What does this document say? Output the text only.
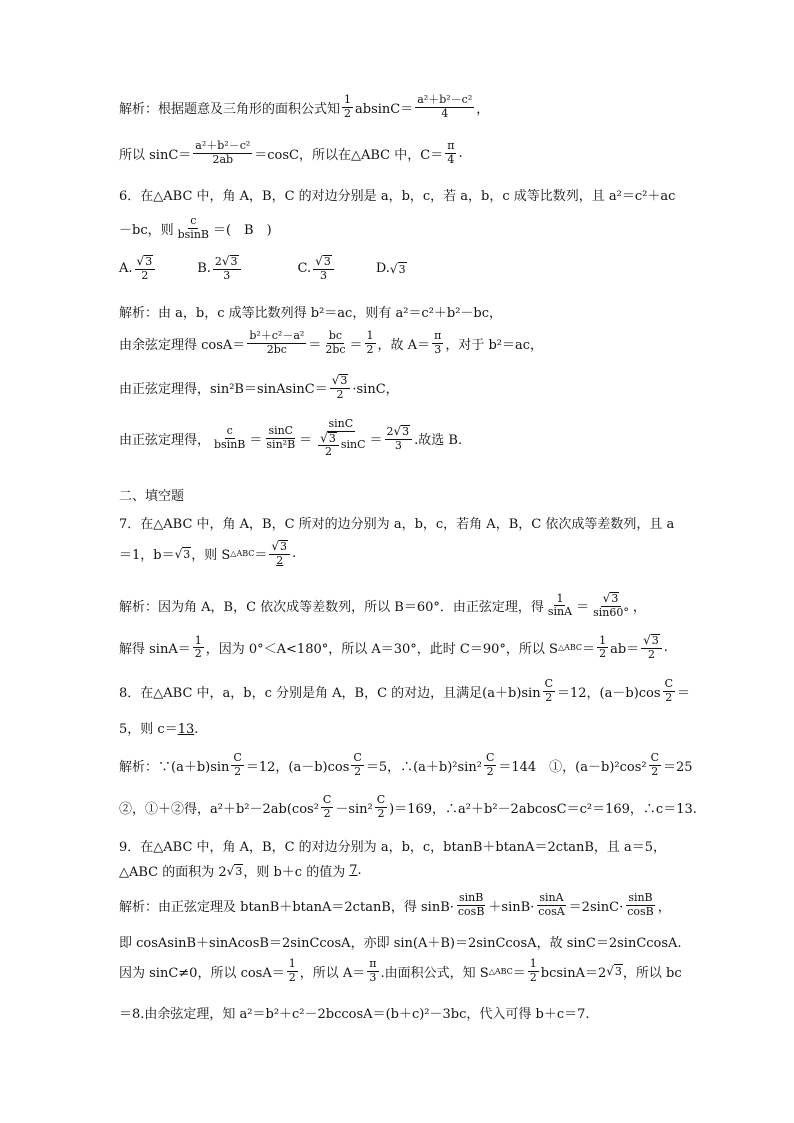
解析：根据题意及三角形的面积公式知 $\frac{1}{2} absinC= \frac{\text{a²＋b²－c²}}{4}$ ，
所以 $\sin C= \frac{\text{a²＋b²－c²}}{2ab} =\cos C$，所以在△ABC 中，$C= \frac{\pi}{4}$ .
6．在△ABC 中，角 A，B，C 的对边分别是 a，b，c，若 a，b，c 成等比数列，且 a²＝c²＋ac
－bc，则 $\frac{c}{bsinB}$ ＝(　B　)
A. $\frac{√ 3}{2}$	B. $\frac{2 √ 3}{3}$	C. $\frac{√ 3}{3}$	D. √ 3
解析：由 a，b，c 成等比数列得 b²＝ac，则有 a²＝c²＋b²－bc，
由余弦定理得 $\cos A= \frac{\text{b²＋c²－a²}}{2bc} = \frac{bc}{2bc} = \frac{1}{2}$ ，故 $A= \frac{\pi}{3}$ ，对于 b²＝ac，
由正弦定理得，sin²B＝sinAsinC＝ $\frac{√ 3}{2} \cdot\sin C$，
由正弦定理得， $\frac{c}{bsinB} = \frac{\sin C}{\text{sin²B}} = \frac{\sin C}{\frac{√ 3}{2} \sin C} = \frac{2 √ 3}{3}$ .故选 B.
二、填空题
7．在△ABC 中，角 A，B，C 所对的边分别为 a，b，c，若角 A，B，C 依次成等差数列，且 a
＝1，b＝ √ 3 ，则 S △ABC ＝ $\frac{√ 3}{2}$ .
解析：因为角 A，B，C 依次成等差数列，所以 B＝60°．由正弦定理，得 $\frac{1}{\sin A} = \frac{√ 3}{\sin 60^\circ}$ ，
解得 $\sin A= \frac{1}{2}$ ，因为 0°＜A<180°，所以 A＝30°，此时 C＝90°，所以 S △ABC ＝ $\frac{1}{2} ab= \frac{√ 3}{2}$ .
8．在△ABC 中，a，b，c 分别是角 A，B，C 的对边，且满足$(a+b)\sin \frac{C}{2} =12$，$(a-b)\cos \frac{C}{2}$ ＝
5，则 c＝13.
解析：∵(a＋b)sin $\frac{C}{2} =12$，$(a-b)\cos \frac{C}{2} =5$，∴(a＋b)²sin² $\frac{C}{2} =144$　①，$(a-b)^2\cos^2 \frac{C}{2} =25$
②，①＋②得，$a^2+b^2-2ab(\cos^2 \frac{C}{2} -\sin^2 \frac{C}{2} )=169$，∴a²＋b²－2abcosC＝c²＝169，∴c＝13.
9．在△ABC 中，角 A，B，C 的对边分别为 a，b，c，btanB＋btanA＝2ctanB，且 a＝5，
△ABC 的面积为 2 √ 3 ，则 b＋c 的值为 7 .
解析：由正弦定理及 btanB＋btanA＝2ctanB，得 $\sin B\cdot \frac{\sin B}{\cos B} +\sin B\cdot \frac{\sin A}{\cos A} =2\sin C\cdot \frac{\sin B}{\cos B}$ ，
即 cosAsinB＋sinAcosB＝2sinCcosA，亦即 sin(A＋B)＝2sinCcosA，故 sinC＝2sinCcosA.
因为 sinC≠0，所以 $\cos A= \frac{1}{2}$ ，所以 $A= \frac{\pi}{3}$ .由面积公式，知 S △ABC ＝ $\frac{1}{2} bcsinA=2$ √ 3 ，所以 bc
＝8.由余弦定理，知 a²＝b²＋c²－2bccosA＝(b＋c)²－3bc，代入可得 b＋c＝7.
